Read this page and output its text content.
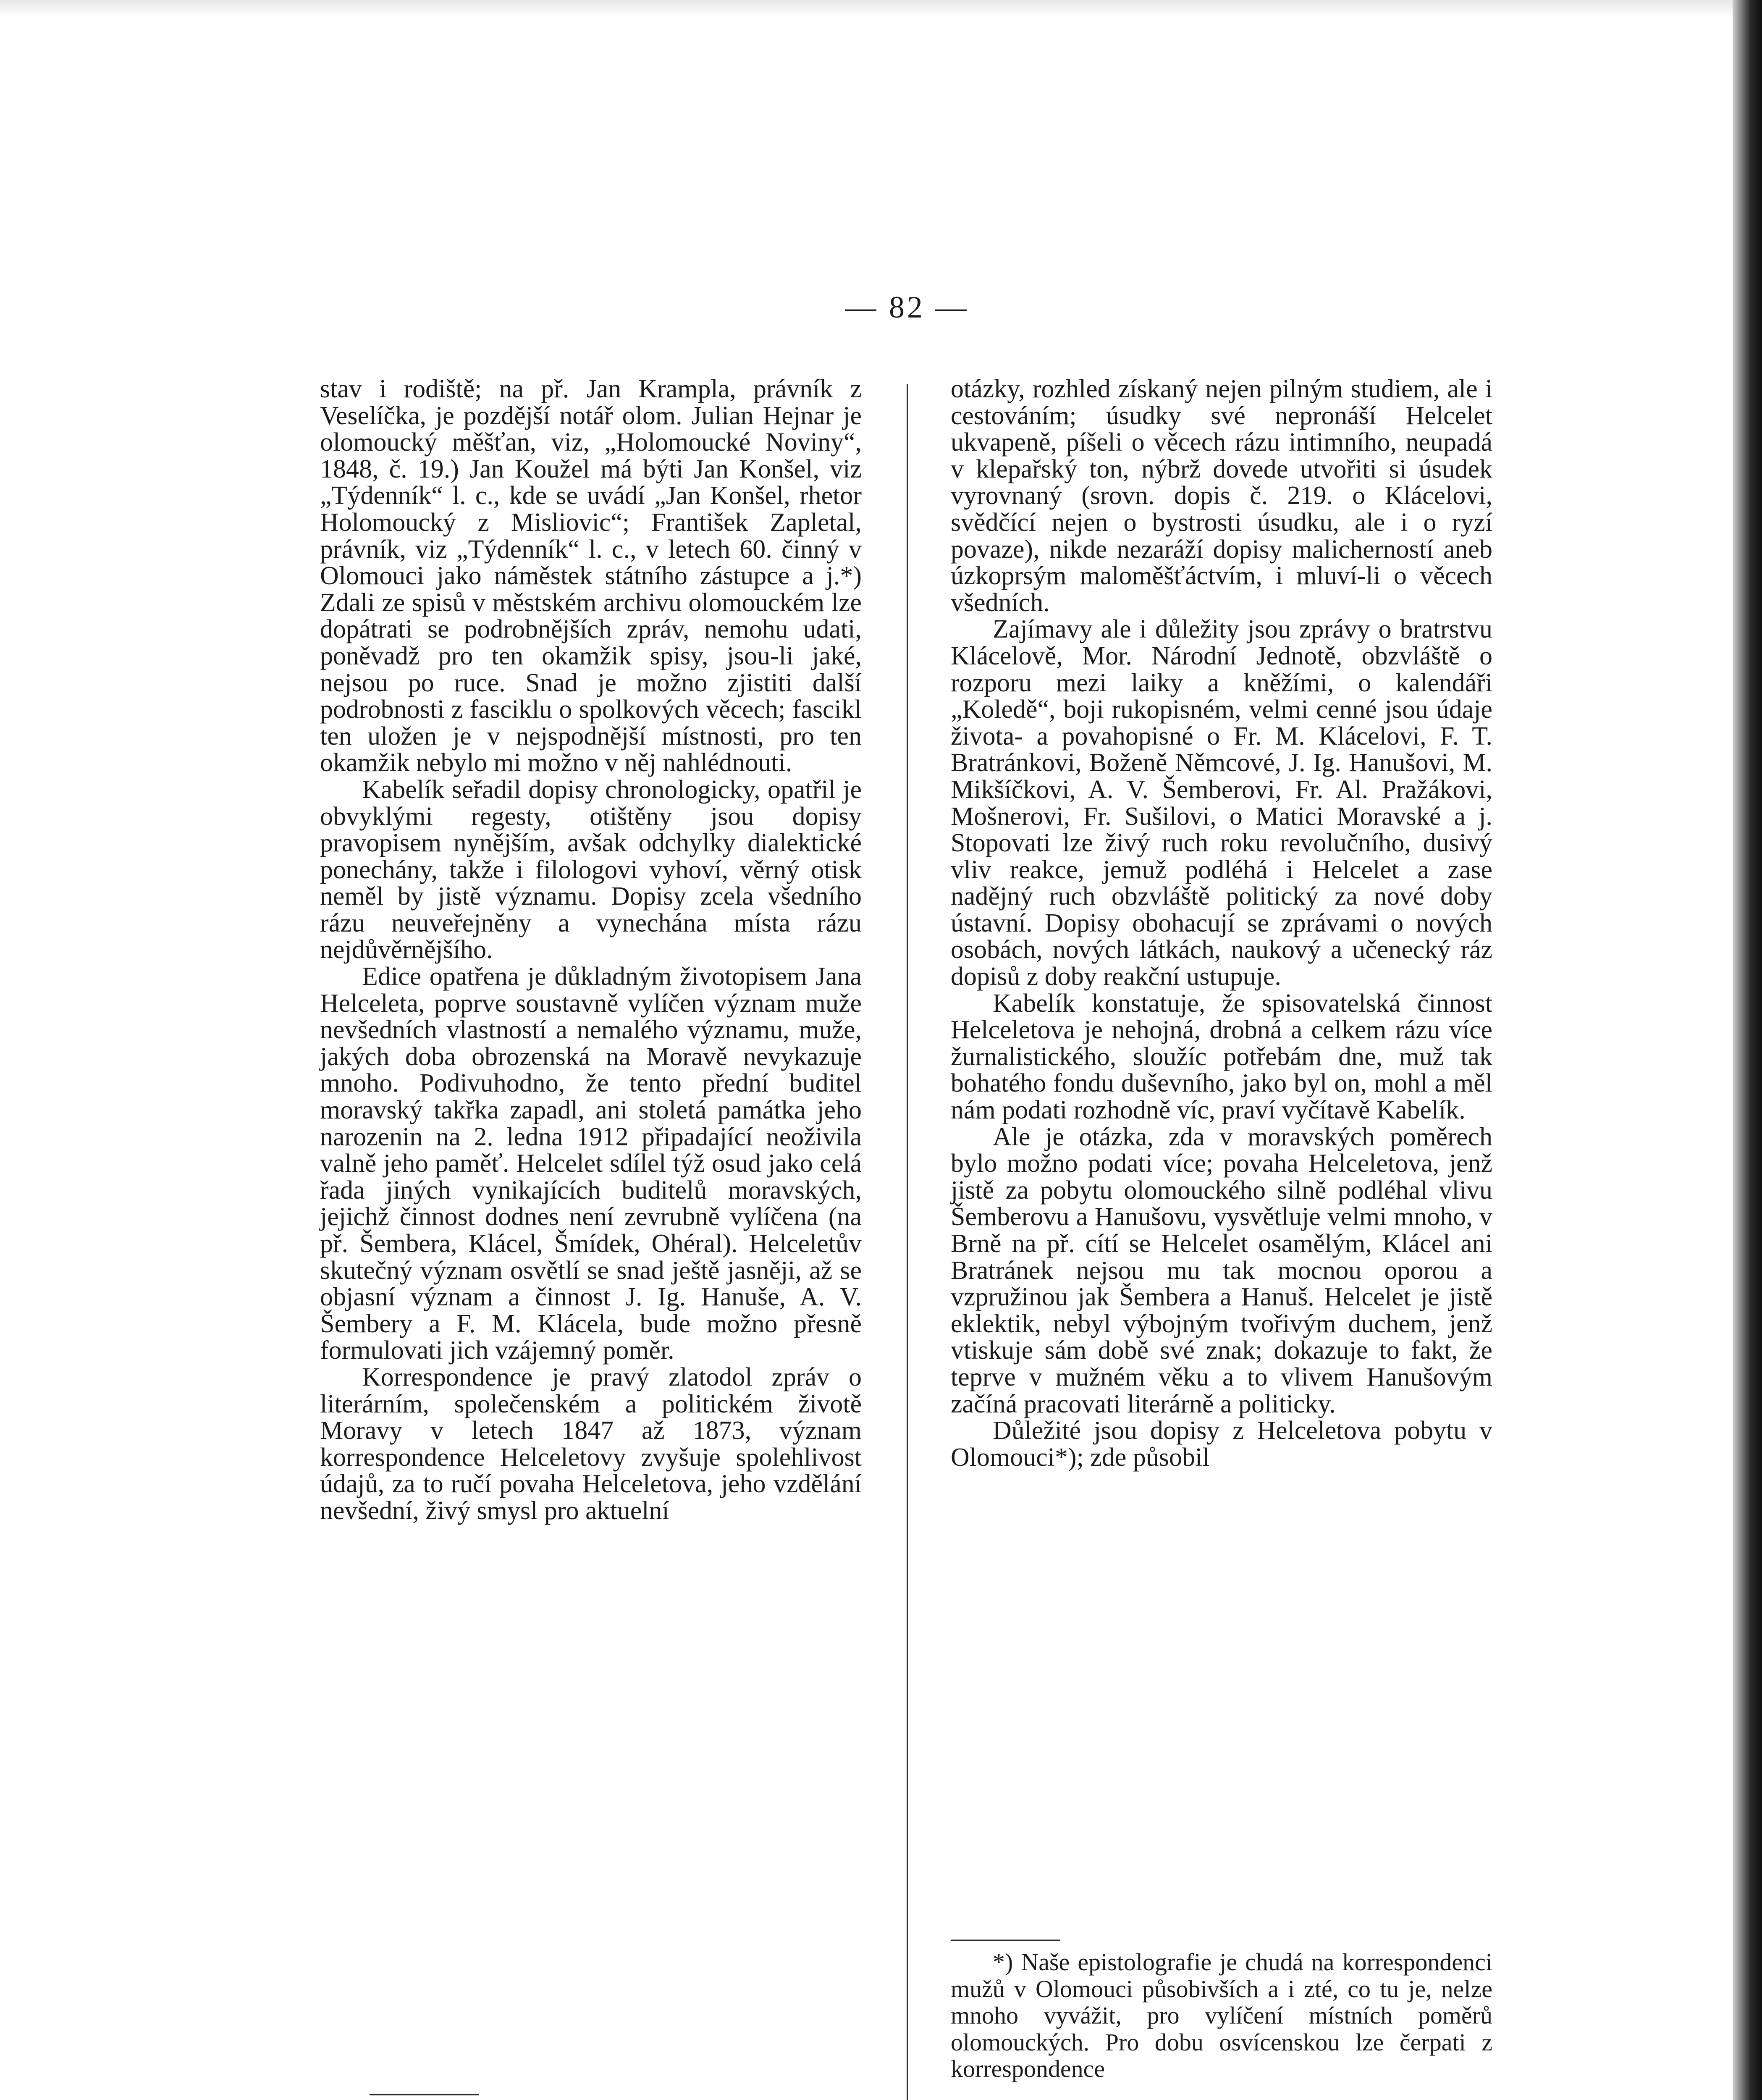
— 82 —

stav i rodiště; na př. Jan Krampla, právník z Veselíčka, je pozdější notář olom. Julian Hejnar je olomoucký měšťan, viz, „Holomoucké Noviny“, 1848, č. 19.) Jan Koužel má býti Jan Konšel, viz „Týdenník“ l. c., kde se uvádí „Jan Konšel, rhetor Holomoucký z Misliovic“; František Zapletal, právník, viz „Týdenník“ l. c., v letech 60. činný v Olomouci jako náměstek státního zástupce a j.*) Zdali ze spisů v městském archivu olomouckém lze dopátrati se podrobnějších zpráv, nemohu udati, poněvadž pro ten okamžik spisy, jsou-li jaké, nejsou po ruce. Snad je možno zjistiti další podrobnosti z fasciklu o spolkových věcech; fascikl ten uložen je v nejspodnější místnosti, pro ten okamžik nebylo mi možno v něj nahlédnouti.

Kabelík seřadil dopisy chronologicky, opatřil je obvyklými regesty, otištěny jsou dopisy pravopisem nynějším, avšak odchylky dialektické ponechány, takže i filologovi vyhoví, věrný otisk neměl by jistě významu. Dopisy zcela všedního rázu neuveřejněny a vynechána místa rázu nejdůvěrnějšího.

Edice opatřena je důkladným životopisem Jana Helceleta, poprve soustavně vylíčen význam muže nevšedních vlastností a nemalého významu, muže, jakých doba obrozenská na Moravě nevykazuje mnoho. Podivuhodno, že tento přední buditel moravský takřka zapadl, ani stoletá památka jeho narozenin na 2. ledna 1912 připadající neoživila valně jeho paměť. Helcelet sdílel týž osud jako celá řada jiných vynikajících buditelů moravských, jejichž činnost dodnes není zevrubně vylíčena (na př. Šembera, Klácel, Šmídek, Ohéral). Helceletův skutečný význam osvětlí se snad ještě jasněji, až se objasní význam a činnost J. Ig. Hanuše, A. V. Šembery a F. M. Klácela, bude možno přesně formulovati jich vzájemný poměr.

Korrespondence je pravý zlatodol zpráv o literárním, společenském a politickém životě Moravy v letech 1847 až 1873, význam korrespondence Helceletovy zvyšuje spolehlivost údajů, za to ručí povaha Helceletova, jeho vzdělání nevšední, živý smysl pro aktuelní

otázky, rozhled získaný nejen pilným studiem, ale i cestováním; úsudky své nepronáší Helcelet ukvapeně, píšeli o věcech rázu intimního, neupadá v klepařský ton, nýbrž dovede utvořiti si úsudek vyrovnaný (srovn. dopis č. 219. o Klácelovi, svědčící nejen o bystrosti úsudku, ale i o ryzí povaze), nikde nezaráží dopisy malicherností aneb úzkoprsým maloměšťáctvím, i mluví-li o věcech všedních.

Zajímavy ale i důležity jsou zprávy o bratrstvu Klácelově, Mor. Národní Jednotě, obzvláště o rozporu mezi laiky a kněžími, o kalendáři „Koledě“, boji rukopisném, velmi cenné jsou údaje života- a povahopisné o Fr. M. Klácelovi, F. T. Bratránkovi, Boženě Němcové, J. Ig. Hanušovi, M. Mikšíčkovi, A. V. Šemberovi, Fr. Al. Pražákovi, Mošnerovi, Fr. Sušilovi, o Matici Moravské a j. Stopovati lze živý ruch roku revolučního, dusivý vliv reakce, jemuž podléhá i Helcelet a zase nadějný ruch obzvláště politický za nové doby ústavní. Dopisy obohacují se zprávami o nových osobách, nových látkách, naukový a učenecký ráz dopisů z doby reakční ustupuje.

Kabelík konstatuje, že spisovatelská činnost Helceletova je nehojná, drobná a celkem rázu více žurnalistického, sloužíc potřebám dne, muž tak bohatého fondu duševního, jako byl on, mohl a měl nám podati rozhodně víc, praví vyčítavě Kabelík.

Ale je otázka, zda v moravských poměrech bylo možno podati více; povaha Helceletova, jenž jistě za pobytu olomouckého silně podléhal vlivu Šemberovu a Hanušovu, vysvětluje velmi mnoho, v Brně na př. cítí se Helcelet osamělým, Klácel ani Bratránek nejsou mu tak mocnou oporou a vzpružinou jak Šembera a Hanuš. Helcelet je jistě eklektik, nebyl výbojným tvořivým duchem, jenž vtiskuje sám době své znak; dokazuje to fakt, že teprve v mužném věku a to vlivem Hanušovým začíná pracovati literárně a politicky.

Důležité jsou dopisy z Helceletova pobytu v Olomouci*); zde působil

*) Naše epistolografie je chudá na korrespondenci mužů v Olomouci působivších a i zté, co tu je, nelze mnoho vyvážit, pro vylíčení místních poměrů olomouckých. Pro dobu osvícenskou lze čerpati z korrespondence
